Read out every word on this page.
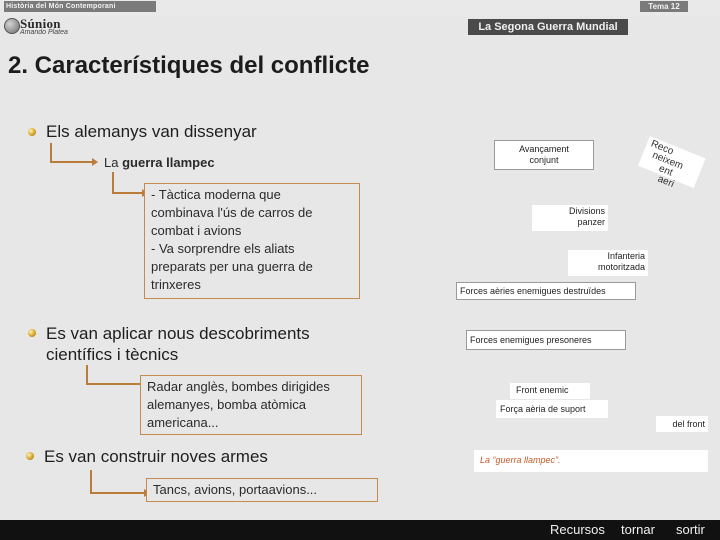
Història del Món Contemporani	Tema 12
Súnion
Amando Platea	La Segona Guerra Mundial
2. Característiques del conflicte
Els alemanys van dissenyar
La guerra llampec
- Tàctica moderna que
combinava l'ús de carros de
combat i avions
- Va sorprendre els aliats
preparats per una guerra de
trinxeres
Es van aplicar nous descobriments
científics i tècnics
Radar anglès, bombes dirigides
alemanyes, bomba atòmica
americana...
Es van construir noves armes
Tancs, avions, portaavions...
Avançament
conjunt
Reco
neixem
ent
aeri
Divisions
panzer
Infanteria
motoritzada
Forces aèries enemigues destruïdes
Forces enemigues presoneres
Front enemic
Força aèria de suport
del front
La “guerra llampec”.
Recursos tornar sortir
